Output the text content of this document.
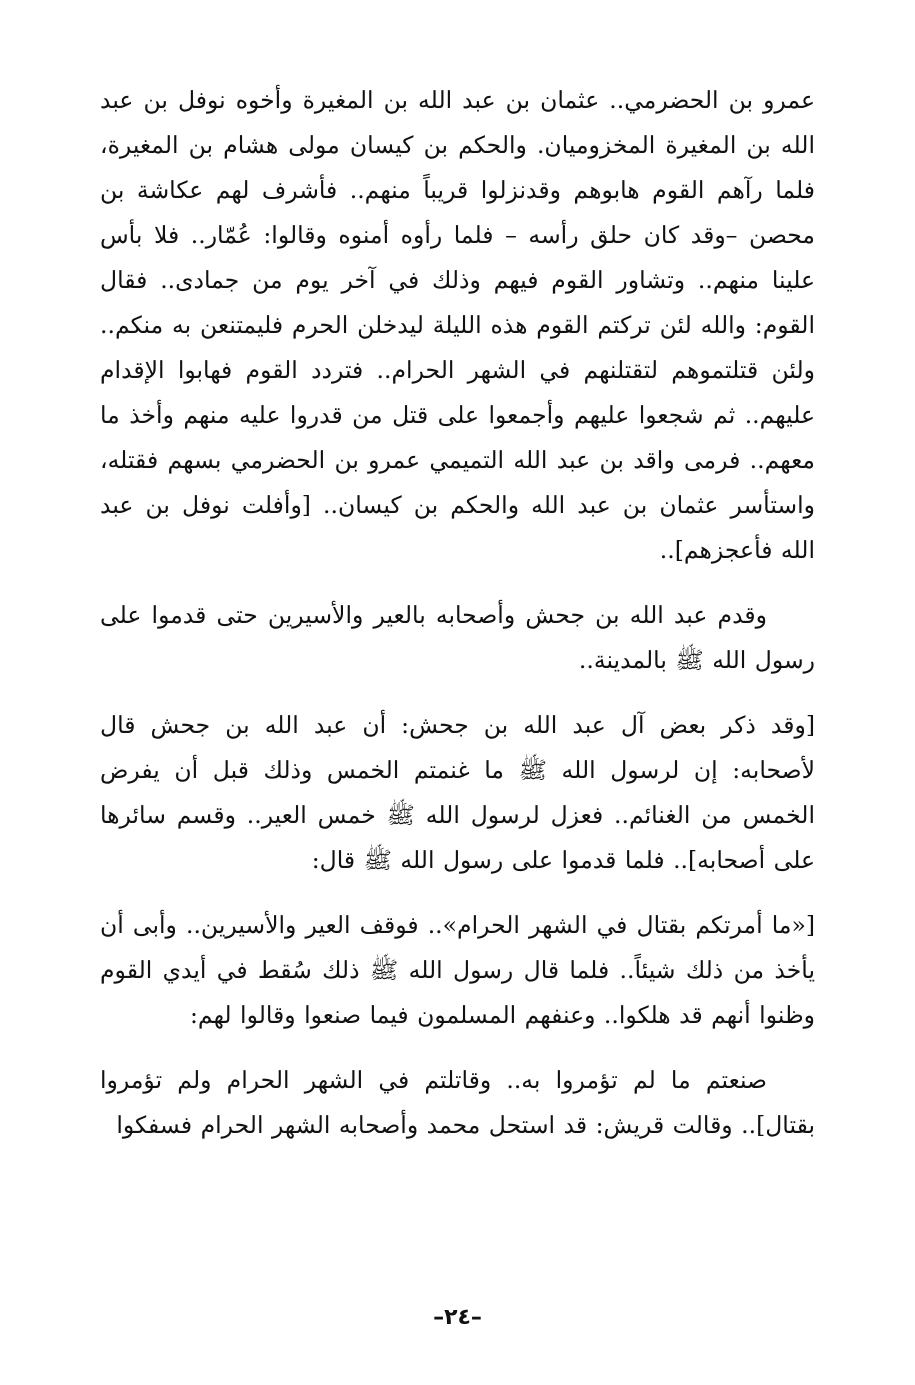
عمرو بن الحضرمي.. عثمان بن عبد الله بن المغيرة وأخوه نوفل بن عبد الله بن المغيرة المخزوميان. والحكم بن كيسان مولى هشام بن المغيرة، فلما رآهم القوم هابوهم وقدنزلوا قريباً منهم.. فأشرف لهم عكاشة بن محصن –وقد كان حلق رأسه – فلما رأوه أمنوه وقالوا: عُمّار.. فلا بأس علينا منهم.. وتشاور القوم فيهم وذلك في آخر يوم من جمادى.. فقال القوم: والله لئن تركتم القوم هذه الليلة ليدخلن الحرم فليمتنعن به منكم.. ولئن قتلتموهم لتقتلنهم في الشهر الحرام.. فتردد القوم فهابوا الإقدام عليهم.. ثم شجعوا عليهم وأجمعوا على قتل من قدروا عليه منهم وأخذ ما معهم.. فرمى واقد بن عبد الله التميمي عمرو بن الحضرمي بسهم فقتله، واستأسر عثمان بن عبد الله والحكم بن كيسان.. [وأفلت نوفل بن عبد الله فأعجزهم]..

وقدم عبد الله بن جحش وأصحابه بالعير والأسيرين حتى قدموا على رسول الله ﷺ بالمدينة..

[وقد ذكر بعض آل عبد الله بن جحش: أن عبد الله بن جحش قال لأصحابه: إن لرسول الله ﷺ ما غنمتم الخمس وذلك قبل أن يفرض الخمس من الغنائم.. فعزل لرسول الله ﷺ خمس العير.. وقسم سائرها على أصحابه].. فلما قدموا على رسول الله ﷺ قال:

[«ما أمرتكم بقتال في الشهر الحرام».. فوقف العير والأسيرين.. وأبى أن يأخذ من ذلك شيئاً.. فلما قال رسول الله ﷺ ذلك سُقط في أيدي القوم وظنوا أنهم قد هلكوا.. وعنفهم المسلمون فيما صنعوا وقالوا لهم:

صنعتم ما لم تؤمروا به.. وقاتلتم في الشهر الحرام ولم تؤمروا بقتال].. وقالت قريش: قد استحل محمد وأصحابه الشهر الحرام فسفكوا

–٢٤–
